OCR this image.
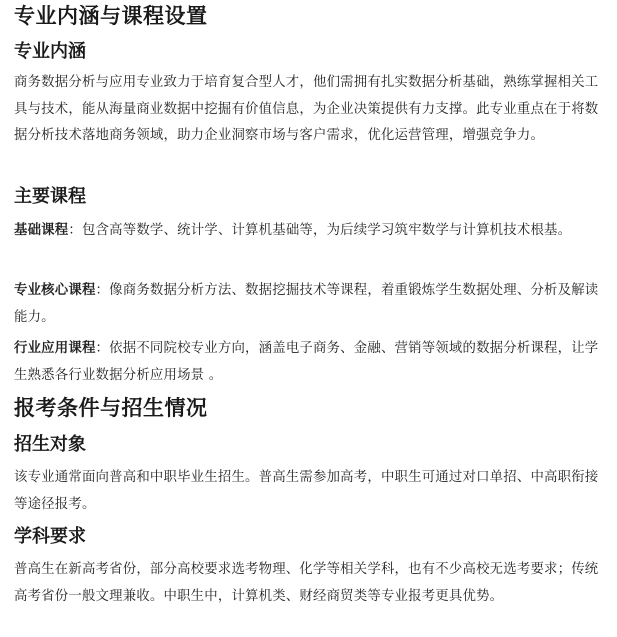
专业内涵与课程设置
专业内涵

商务数据分析与应用专业致力于培育复合型人才，他们需拥有扎实数据分析基础，熟练掌握相关工具与技术，能从海量商业数据中挖掘有价值信息，为企业决策提供有力支撑。此专业重点在于将数据分析技术落地商务领域，助力企业洞察市场与客户需求，优化运营管理，增强竞争力。

主要课程

基础课程：包含高等数学、统计学、计算机基础等，为后续学习筑牢数学与计算机技术根基。

专业核心课程：像商务数据分析方法、数据挖掘技术等课程，着重锻炼学生数据处理、分析及解读能力。

行业应用课程：依据不同院校专业方向，涵盖电子商务、金融、营销等领域的数据分析课程，让学生熟悉各行业数据分析应用场景 。

报考条件与招生情况
招生对象

该专业通常面向普高和中职毕业生招生。普高生需参加高考，中职生可通过对口单招、中高职衔接等途径报考。

学科要求

普高生在新高考省份，部分高校要求选考物理、化学等相关学科，也有不少高校无选考要求；传统高考省份一般文理兼收。中职生中，计算机类、财经商贸类等专业报考更具优势。
